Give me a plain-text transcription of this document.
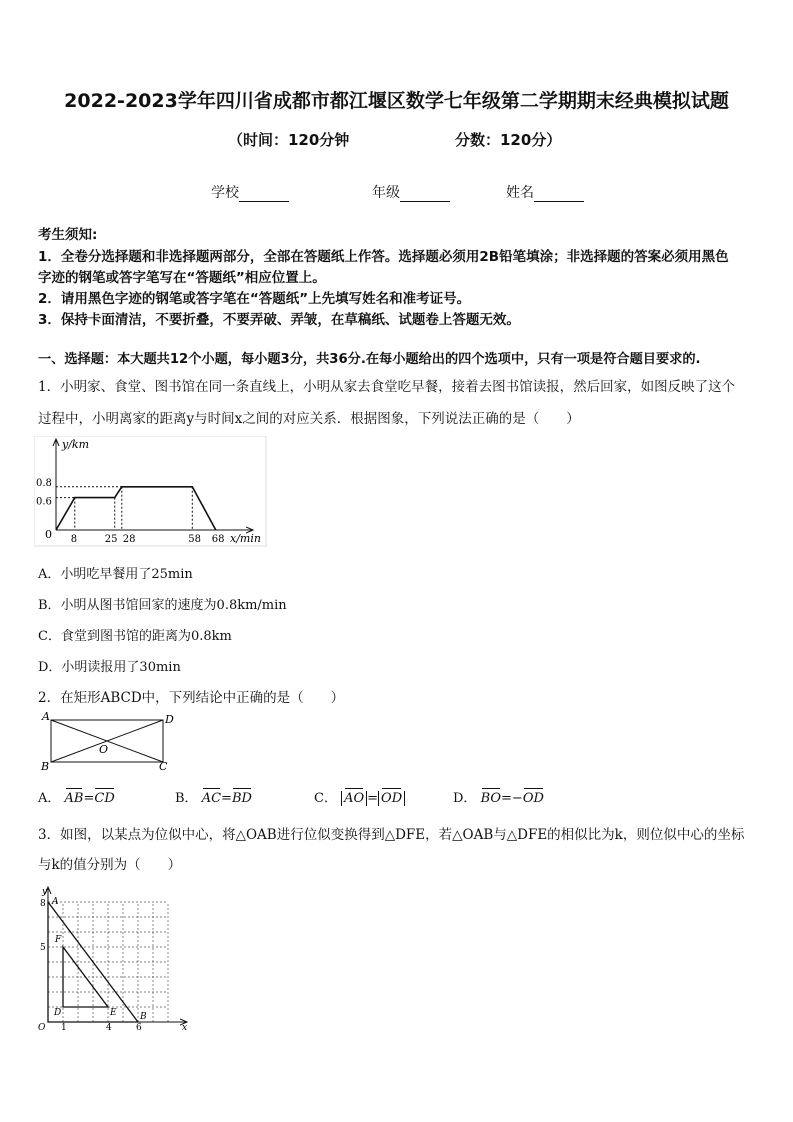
2022-2023学年四川省成都市都江堰区数学七年级第二学期期末经典模拟试题
（时间：120分钟	分数：120分）
学校	年级	姓名
考生须知:
1．全卷分选择题和非选择题两部分，全部在答题纸上作答。选择题必须用2B铅笔填涂；非选择题的答案必须用黑色
字迹的钢笔或答字笔写在“答题纸”相应位置上。
2．请用黑色字迹的钢笔或答字笔在“答题纸”上先填写姓名和准考证号。
3．保持卡面清洁，不要折叠，不要弄破、弄皱，在草稿纸、试题卷上答题无效。
一、选择题：本大题共12个小题，每小题3分，共36分.在每小题给出的四个选项中，只有一项是符合题目要求的.
1．小明家、食堂、图书馆在同一条直线上，小明从家去食堂吃早餐，接着去图书馆读报，然后回家，如图反映了这个
过程中，小明离家的距离y与时间x之间的对应关系．根据图象，下列说法正确的是（　　）
y/km
x/min
0
0.8
0.6
8	25 28	58 68
A．小明吃早餐用了25min
B．小明从图书馆回家的速度为0.8km/min
C．食堂到图书馆的距离为0.8km
D．小明读报用了30min
2．在矩形ABCD中，下列结论中正确的是（　　）
A	D
B	C
O
A． AB=CD	B． AC=BD	C． AO = OD	D． BO=−OD
3．如图，以某点为位似中心，将△OAB进行位似变换得到△DFE，若△OAB与△DFE的相似比为k，则位似中心的坐标
与k的值分别为（　　）
y
x
O
8
5
1	4	6
A
F
D	E	B
